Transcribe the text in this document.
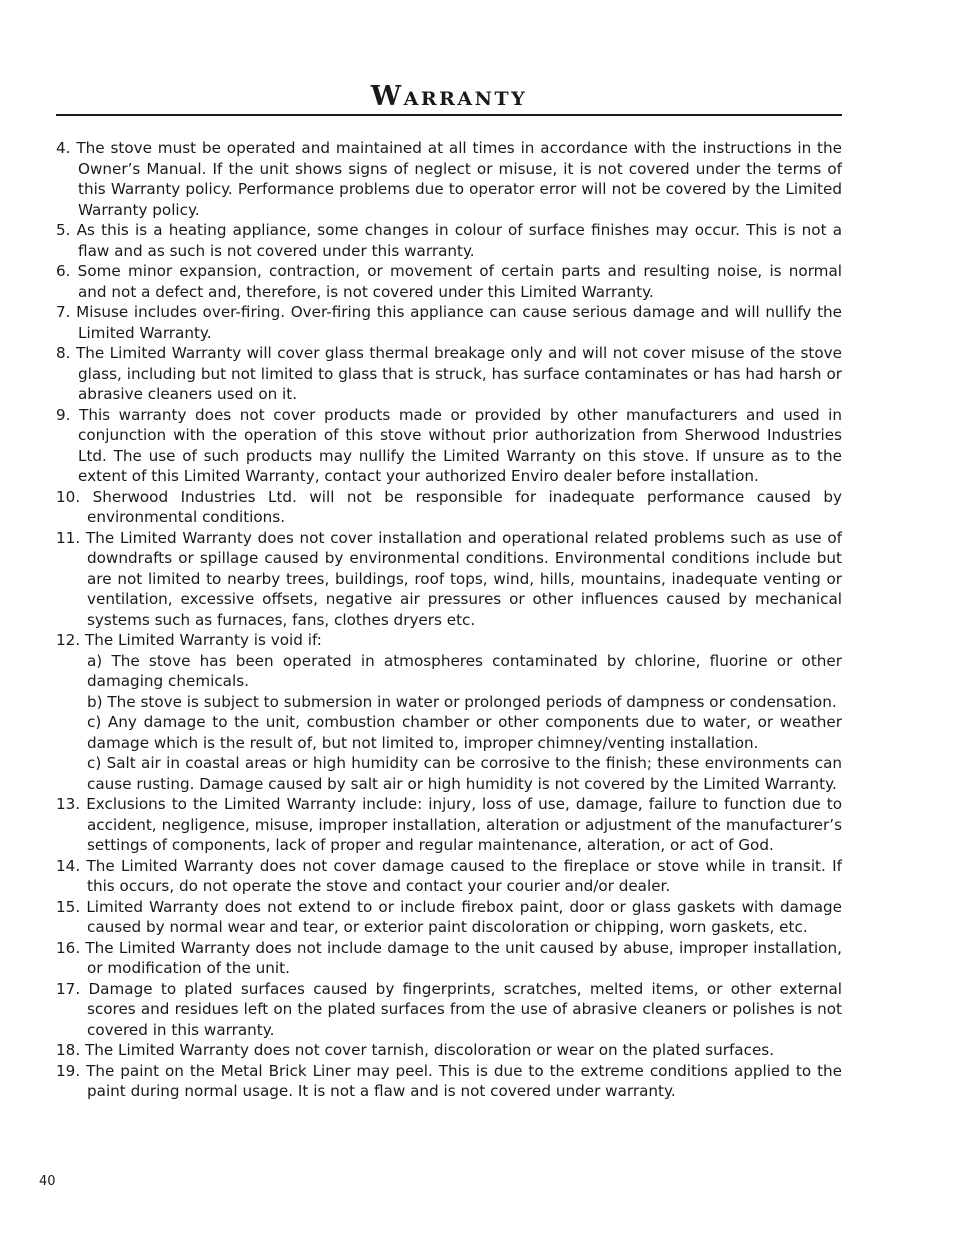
Warranty

4. The stove must be operated and maintained at all times in accordance with the instructions in the Owner’s Manual. If the unit shows signs of neglect or misuse, it is not covered under the terms of this Warranty policy. Performance problems due to operator error will not be covered by the Limited Warranty policy.

5. As this is a heating appliance, some changes in colour of surface finishes may occur. This is not a flaw and as such is not covered under this warranty.

6. Some minor expansion, contraction, or movement of certain parts and resulting noise, is normal and not a defect and, therefore, is not covered under this Limited Warranty.

7. Misuse includes over-firing. Over-firing this appliance can cause serious damage and will nullify the Limited Warranty.

8. The Limited Warranty will cover glass thermal breakage only and will not cover misuse of the stove glass, including but not limited to glass that is struck, has surface contaminates or has had harsh or abrasive cleaners used on it.

9. This warranty does not cover products made or provided by other manufacturers and used in conjunction with the operation of this stove without prior authorization from Sherwood Industries Ltd. The use of such products may nullify the Limited Warranty on this stove. If unsure as to the extent of this Limited Warranty, contact your authorized Enviro dealer before installation.

10. Sherwood Industries Ltd. will not be responsible for inadequate performance caused by environmental conditions.

11. The Limited Warranty does not cover installation and operational related problems such as use of downdrafts or spillage caused by environmental conditions. Environmental conditions include but are not limited to nearby trees, buildings, roof tops, wind, hills, mountains, inadequate venting or ventilation, excessive offsets, negative air pressures or other influences caused by mechanical systems such as furnaces, fans, clothes dryers etc.

12. The Limited Warranty is void if:

a) The stove has been operated in atmospheres contaminated by chlorine, fluorine or other damaging chemicals.

b) The stove is subject to submersion in water or prolonged periods of dampness or condensation.

c) Any damage to the unit, combustion chamber or other components due to water, or weather damage which is the result of, but not limited to, improper chimney/venting installation.

c) Salt air in coastal areas or high humidity can be corrosive to the finish; these environments can cause rusting. Damage caused by salt air or high humidity is not covered by the Limited Warranty.

13. Exclusions to the Limited Warranty include: injury, loss of use, damage, failure to function due to accident, negligence, misuse, improper installation, alteration or adjustment of the manufacturer’s settings of components, lack of proper and regular maintenance, alteration, or act of God.

14. The Limited Warranty does not cover damage caused to the fireplace or stove while in transit. If this occurs, do not operate the stove and contact your courier and/or dealer.

15. Limited Warranty does not extend to or include firebox paint, door or glass gaskets with damage caused by normal wear and tear, or exterior paint discoloration or chipping, worn gaskets, etc.

16. The Limited Warranty does not include damage to the unit caused by abuse, improper installation, or modification of the unit.

17. Damage to plated surfaces caused by fingerprints, scratches, melted items, or other external scores and residues left on the plated surfaces from the use of abrasive cleaners or polishes is not covered in this warranty.

18. The Limited Warranty does not cover tarnish, discoloration or wear on the plated surfaces.

19. The paint on the Metal Brick Liner may peel. This is due to the extreme conditions applied to the paint during normal usage. It is not a flaw and is not covered under warranty.

40
